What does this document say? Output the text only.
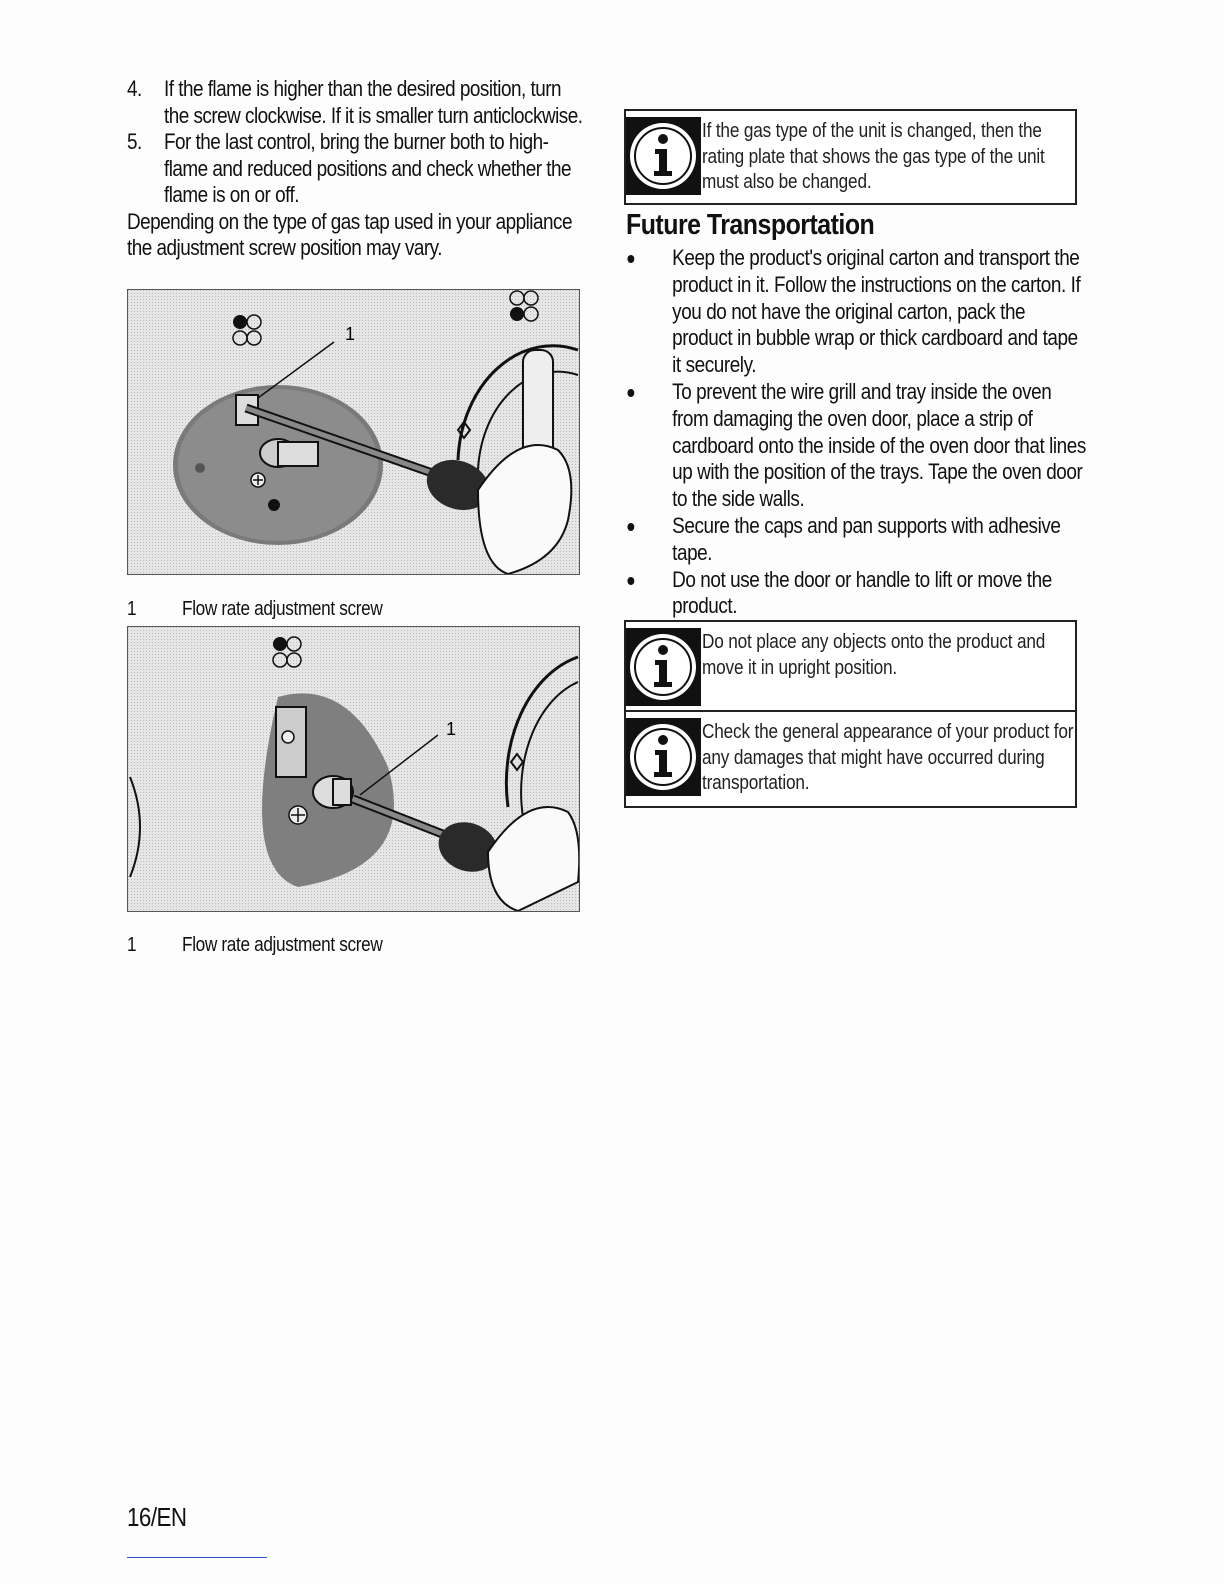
4. If the flame is higher than the desired position, turn the screw clockwise. If it is smaller turn anticlockwise.
5. For the last control, bring the burner both to high-flame and reduced positions and check whether the flame is on or off.

Depending on the type of gas tap used in your appliance the adjustment screw position may vary.

1
1 Flow rate adjustment screw
1
1 Flow rate adjustment screw
If the gas type of the unit is changed, then the rating plate that shows the gas type of the unit must also be changed.
Future Transportation
Keep the product's original carton and transport the product in it. Follow the instructions on the carton. If you do not have the original carton, pack the product in bubble wrap or thick cardboard and tape it securely.
To prevent the wire grill and tray inside the oven from damaging the oven door, place a strip of cardboard onto the inside of the oven door that lines up with the position of the trays. Tape the oven door to the side walls.
Secure the caps and pan supports with adhesive tape.
Do not use the door or handle to lift or move the product.
Do not place any objects onto the product and move it in upright position.
Check the general appearance of your product for any damages that might have occurred during transportation.
16/EN
